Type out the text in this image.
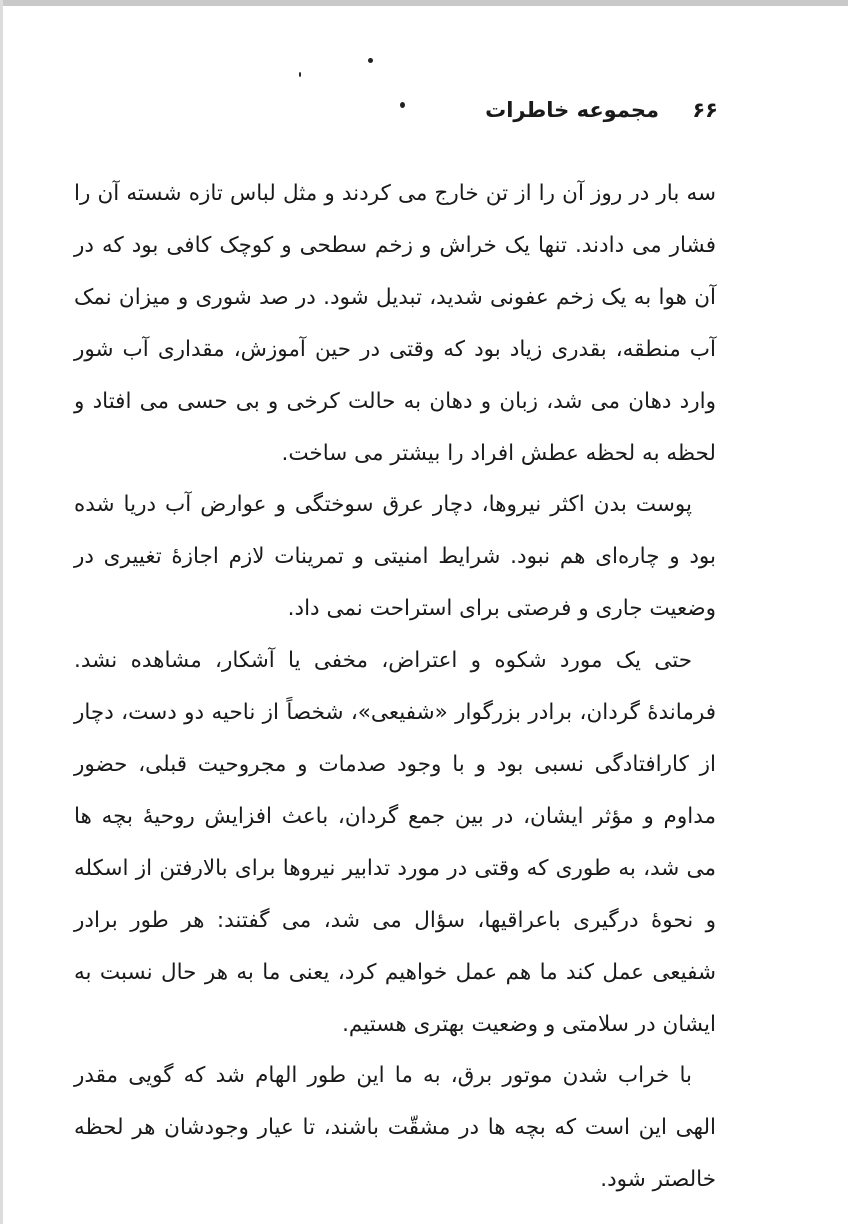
۶۶ مجموعه خاطرات

سه بار در روز آن را از تن خارج می کردند و مثل لباس تازه شسته آن را فشار می دادند. تنها یک خراش و زخم سطحی و کوچک کافی بود که در آن هوا به یک زخم عفونی شدید، تبدیل شود. در صد شوری و میزان نمک آب منطقه، بقدری زیاد بود که وقتی در حین آموزش، مقداری آب شور وارد دهان می شد، زبان و دهان به حالت کرخی و بی حسی می افتاد و لحظه به لحظه عطش افراد را بیشتر می ساخت.

پوست بدن اکثر نیروها، دچار عرق سوختگی و عوارض آب دریا شده بود و چاره‌ای هم نبود. شرایط امنیتی و تمرینات لازم اجازهٔ تغییری در وضعیت جاری و فرصتی برای استراحت نمی داد.

حتی یک مورد شکوه و اعتراض، مخفی یا آشکار، مشاهده نشد. فرماندهٔ گردان، برادر بزرگوار «شفیعی»، شخصاً از ناحیه دو دست، دچار از کارافتادگی نسبی بود و با وجود صدمات و مجروحیت قبلی، حضور مداوم و مؤثر ایشان، در بین جمع گردان، باعث افزایش روحیهٔ بچه ها می شد، به طوری که وقتی در مورد تدابیر نیروها برای بالارفتن از اسکله و نحوهٔ درگیری باعراقیها، سؤال می شد، می گفتند: هر طور برادر شفیعی عمل کند ما هم عمل خواهیم کرد، یعنی ما به هر حال نسبت به ایشان در سلامتی و وضعیت بهتری هستیم.

با خراب شدن موتور برق، به ما این طور الهام شد که گویی مقدر الهی این است که بچه ها در مشقّت باشند، تا عیار وجودشان هر لحظه خالصتر شود.
